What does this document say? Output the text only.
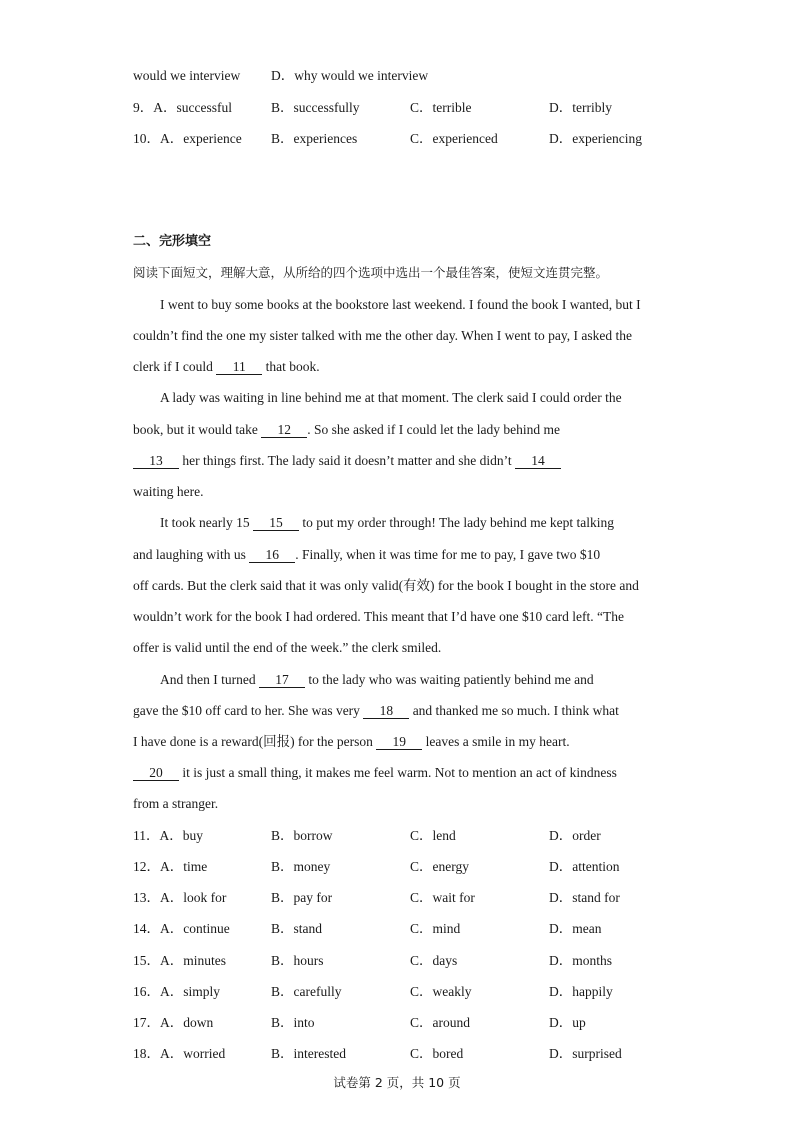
would we interview D．why would we interview
9．A．successful	B．successfully	C．terrible	D．terribly
10．A．experience B．experiences	C．experienced	D．experiencing
二、完形填空
阅读下面短文，理解大意，从所给的四个选项中选出一个最佳答案，使短文连贯完整。
I went to buy some books at the bookstore last weekend. I found the book I wanted, but I
couldn’t find the one my sister talked with me the other day. When I went to pay, I asked the
clerk if I could 11 that book.
A lady was waiting in line behind me at that moment. The clerk said I could order the
book, but it would take 12 . So she asked if I could let the lady behind me
13 her things first. The lady said it doesn’t matter and she didn’t 14
waiting here.
It took nearly 15 15 to put my order through! The lady behind me kept talking
and laughing with us 16 . Finally, when it was time for me to pay, I gave two $10
off cards. But the clerk said that it was only valid(有效) for the book I bought in the store and
wouldn’t work for the book I had ordered. This meant that I’d have one $10 card left. “The
offer is valid until the end of the week.” the clerk smiled.
And then I turned 17 to the lady who was waiting patiently behind me and
gave the $10 off card to her. She was very 18 and thanked me so much. I think what
I have done is a reward(回报) for the person 19 leaves a smile in my heart.
20 it is just a small thing, it makes me feel warm. Not to mention an act of kindness
from a stranger.
11．A．buy	B．borrow	C．lend	D．order
12．A．time	B．money	C．energy	D．attention
13．A．look for	B．pay for	C．wait for	D．stand for
14．A．continue	B．stand	C．mind	D．mean
15．A．minutes	B．hours	C．days	D．months
16．A．simply	B．carefully	C．weakly	D．happily
17．A．down	B．into	C．around	D．up
18．A．worried	B．interested	C．bored	D．surprised
试卷第 2 页，共 10 页
